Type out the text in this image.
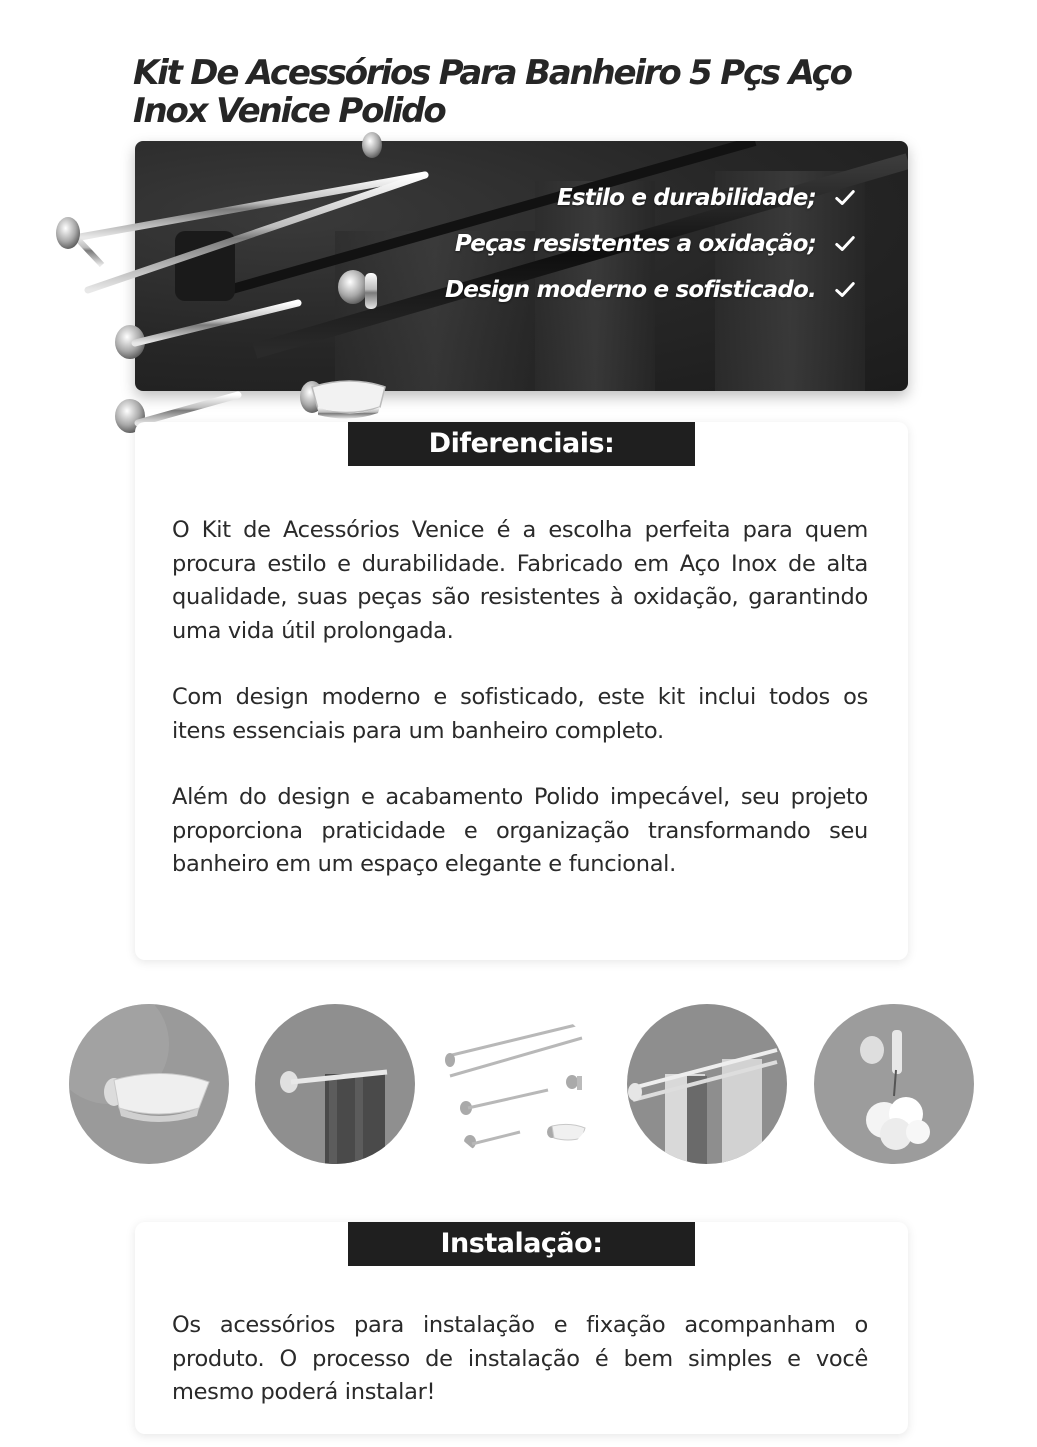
Kit De Acessórios Para Banheiro 5 Pçs Aço Inox Venice Polido
Estilo e durabilidade;
Peças resistentes a oxidação;
Design moderno e sofisticado.
Diferenciais:

O Kit de Acessórios Venice é a escolha perfeita para quem procura estilo e durabilidade. Fabricado em Aço Inox de alta qualidade, suas peças são resistentes à oxidação, garantindo uma vida útil prolongada.

Com design moderno e sofisticado, este kit inclui todos os itens essenciais para um banheiro completo.

Além do design e acabamento Polido impecável, seu projeto proporciona praticidade e organização transformando seu banheiro em um espaço elegante e funcional.

Instalação:

Os acessórios para instalação e fixação acompanham o produto. O processo de instalação é bem simples e você mesmo poderá instalar!
